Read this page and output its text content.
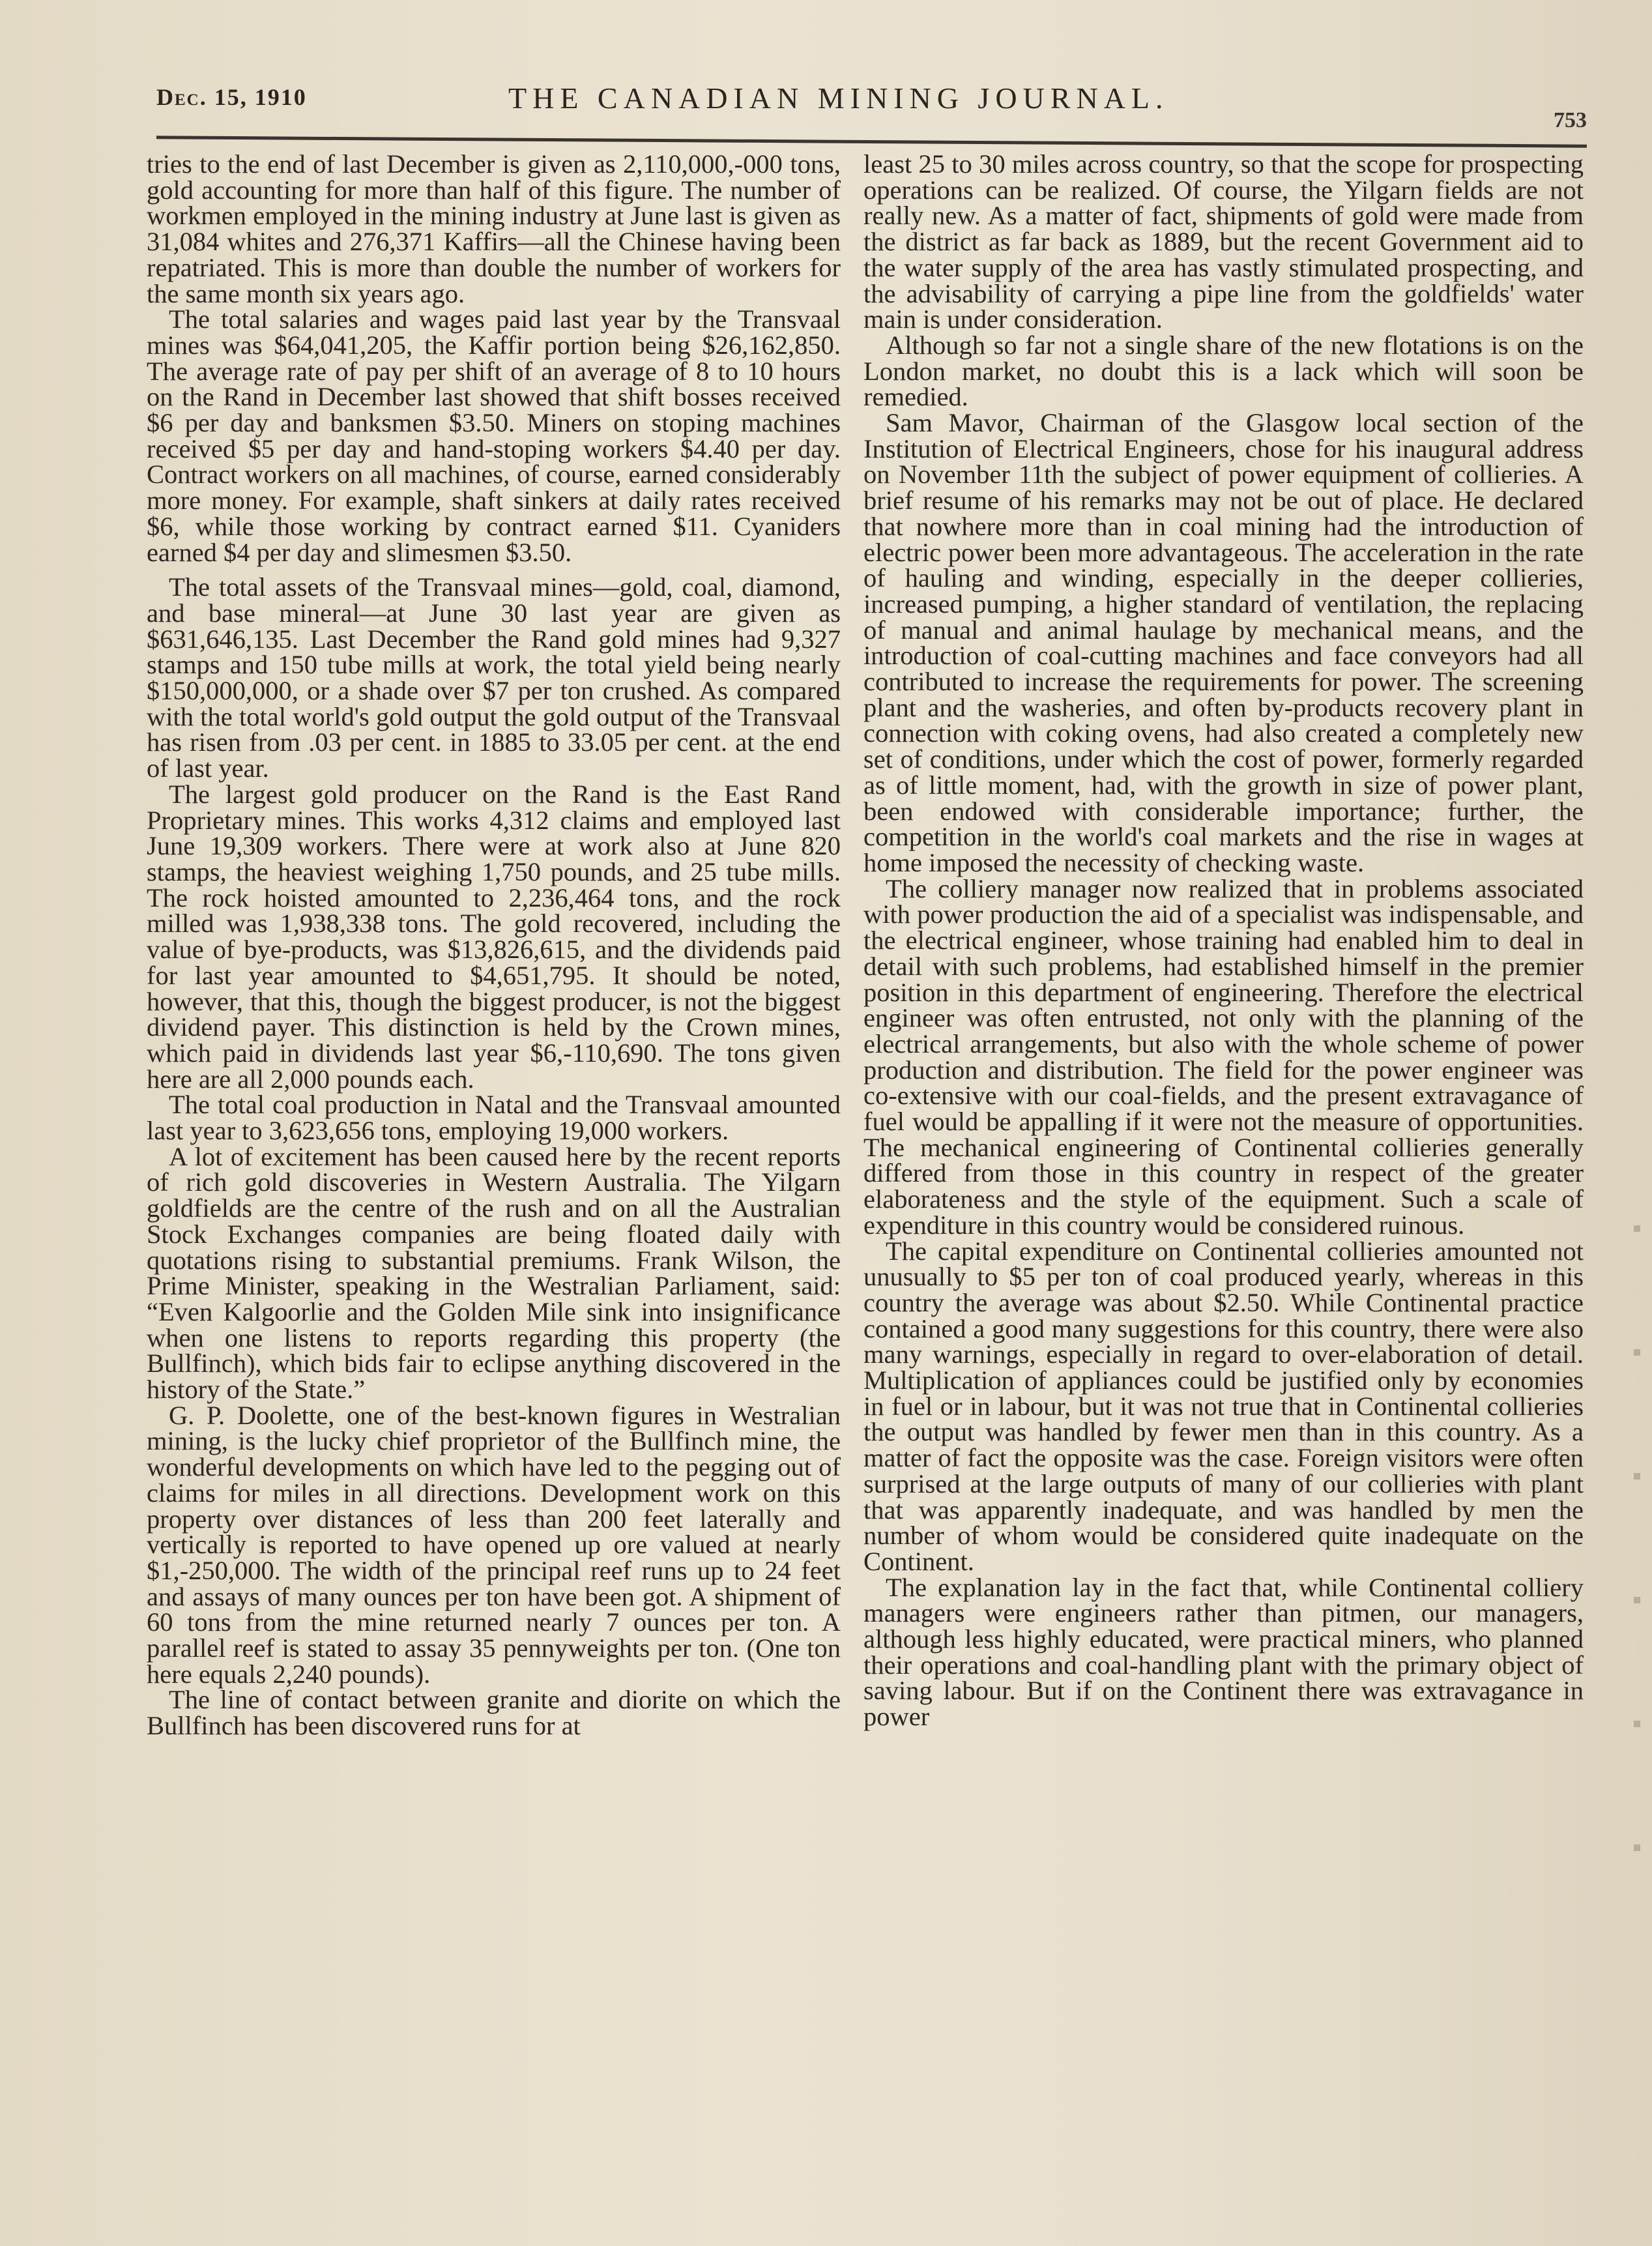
Dec. 15, 1910	THE CANADIAN MINING JOURNAL.
753

tries to the end of last December is given as 2,110,000,-000 tons, gold accounting for more than half of this figure. The number of workmen employed in the mining industry at June last is given as 31,084 whites and 276,371 Kaffirs—all the Chinese having been repatriated. This is more than double the number of workers for the same month six years ago.

The total salaries and wages paid last year by the Transvaal mines was $64,041,205, the Kaffir portion being $26,162,850. The average rate of pay per shift of an average of 8 to 10 hours on the Rand in December last showed that shift bosses received $6 per day and banksmen $3.50. Miners on stoping machines received $5 per day and hand-stoping workers $4.40 per day. Contract workers on all machines, of course, earned considerably more money. For example, shaft sinkers at daily rates received $6, while those working by contract earned $11. Cyaniders earned $4 per day and slimesmen $3.50.

The total assets of the Transvaal mines—gold, coal, diamond, and base mineral—at June 30 last year are given as $631,646,135. Last December the Rand gold mines had 9,327 stamps and 150 tube mills at work, the total yield being nearly $150,000,000, or a shade over $7 per ton crushed. As compared with the total world's gold output the gold output of the Transvaal has risen from .03 per cent. in 1885 to 33.05 per cent. at the end of last year.

The largest gold producer on the Rand is the East Rand Proprietary mines. This works 4,312 claims and employed last June 19,309 workers. There were at work also at June 820 stamps, the heaviest weighing 1,750 pounds, and 25 tube mills. The rock hoisted amounted to 2,236,464 tons, and the rock milled was 1,938,338 tons. The gold recovered, including the value of bye-products, was $13,826,615, and the dividends paid for last year amounted to $4,651,795. It should be noted, however, that this, though the biggest producer, is not the biggest dividend payer. This distinction is held by the Crown mines, which paid in dividends last year $6,-110,690. The tons given here are all 2,000 pounds each.

The total coal production in Natal and the Transvaal amounted last year to 3,623,656 tons, employing 19,000 workers.

A lot of excitement has been caused here by the recent reports of rich gold discoveries in Western Australia. The Yilgarn goldfields are the centre of the rush and on all the Australian Stock Exchanges companies are being floated daily with quotations rising to substantial premiums. Frank Wilson, the Prime Minister, speaking in the Westralian Parliament, said: “Even Kalgoorlie and the Golden Mile sink into insignificance when one listens to reports regarding this property (the Bullfinch), which bids fair to eclipse anything discovered in the history of the State.”

G. P. Doolette, one of the best-known figures in Westralian mining, is the lucky chief proprietor of the Bullfinch mine, the wonderful developments on which have led to the pegging out of claims for miles in all directions. Development work on this property over distances of less than 200 feet laterally and vertically is reported to have opened up ore valued at nearly $1,-250,000. The width of the principal reef runs up to 24 feet and assays of many ounces per ton have been got. A shipment of 60 tons from the mine returned nearly 7 ounces per ton. A parallel reef is stated to assay 35 pennyweights per ton. (One ton here equals 2,240 pounds).

The line of contact between granite and diorite on which the Bullfinch has been discovered runs for at

least 25 to 30 miles across country, so that the scope for prospecting operations can be realized. Of course, the Yilgarn fields are not really new. As a matter of fact, shipments of gold were made from the district as far back as 1889, but the recent Government aid to the water supply of the area has vastly stimulated prospecting, and the advisability of carrying a pipe line from the goldfields' water main is under consideration.

Although so far not a single share of the new flotations is on the London market, no doubt this is a lack which will soon be remedied.

Sam Mavor, Chairman of the Glasgow local section of the Institution of Electrical Engineers, chose for his inaugural address on November 11th the subject of power equipment of collieries. A brief resume of his remarks may not be out of place. He declared that nowhere more than in coal mining had the introduction of electric power been more advantageous. The acceleration in the rate of hauling and winding, especially in the deeper collieries, increased pumping, a higher standard of ventilation, the replacing of manual and animal haulage by mechanical means, and the introduction of coal-cutting machines and face conveyors had all contributed to increase the requirements for power. The screening plant and the washeries, and often by-products recovery plant in connection with coking ovens, had also created a completely new set of conditions, under which the cost of power, formerly regarded as of little moment, had, with the growth in size of power plant, been endowed with considerable importance; further, the competition in the world's coal markets and the rise in wages at home imposed the necessity of checking waste.

The colliery manager now realized that in problems associated with power production the aid of a specialist was indispensable, and the electrical engineer, whose training had enabled him to deal in detail with such problems, had established himself in the premier position in this department of engineering. Therefore the electrical engineer was often entrusted, not only with the planning of the electrical arrangements, but also with the whole scheme of power production and distribution. The field for the power engineer was co-extensive with our coal-fields, and the present extravagance of fuel would be appalling if it were not the measure of opportunities. The mechanical engineering of Continental collieries generally differed from those in this country in respect of the greater elaborateness and the style of the equipment. Such a scale of expenditure in this country would be considered ruinous.

The capital expenditure on Continental collieries amounted not unusually to $5 per ton of coal produced yearly, whereas in this country the average was about $2.50. While Continental practice contained a good many suggestions for this country, there were also many warnings, especially in regard to over-elaboration of detail. Multiplication of appliances could be justified only by economies in fuel or in labour, but it was not true that in Continental collieries the output was handled by fewer men than in this country. As a matter of fact the opposite was the case. Foreign visitors were often surprised at the large outputs of many of our collieries with plant that was apparently inadequate, and was handled by men the number of whom would be considered quite inadequate on the Continent.

The explanation lay in the fact that, while Continental colliery managers were engineers rather than pitmen, our managers, although less highly educated, were practical miners, who planned their operations and coal-handling plant with the primary object of saving labour. But if on the Continent there was extravagance in power
